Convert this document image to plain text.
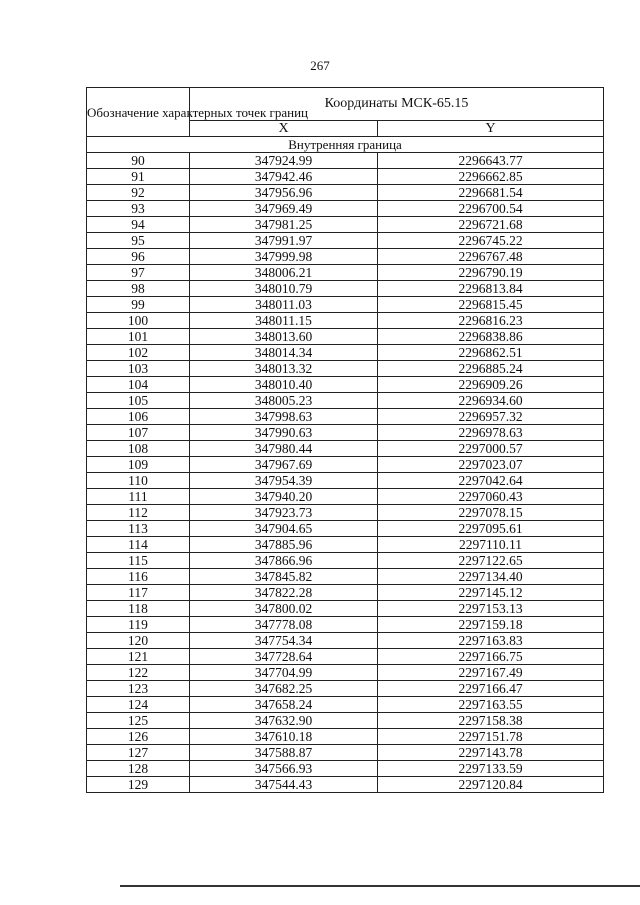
267
Обозначение характерных точек границ	Координаты МСК-65.15	
	X	Y
Внутренняя граница		
90	347924.99	2296643.77
91	347942.46	2296662.85
92	347956.96	2296681.54
93	347969.49	2296700.54
94	347981.25	2296721.68
95	347991.97	2296745.22
96	347999.98	2296767.48
97	348006.21	2296790.19
98	348010.79	2296813.84
99	348011.03	2296815.45
100	348011.15	2296816.23
101	348013.60	2296838.86
102	348014.34	2296862.51
103	348013.32	2296885.24
104	348010.40	2296909.26
105	348005.23	2296934.60
106	347998.63	2296957.32
107	347990.63	2296978.63
108	347980.44	2297000.57
109	347967.69	2297023.07
110	347954.39	2297042.64
111	347940.20	2297060.43
112	347923.73	2297078.15
113	347904.65	2297095.61
114	347885.96	2297110.11
115	347866.96	2297122.65
116	347845.82	2297134.40
117	347822.28	2297145.12
118	347800.02	2297153.13
119	347778.08	2297159.18
120	347754.34	2297163.83
121	347728.64	2297166.75
122	347704.99	2297167.49
123	347682.25	2297166.47
124	347658.24	2297163.55
125	347632.90	2297158.38
126	347610.18	2297151.78
127	347588.87	2297143.78
128	347566.93	2297133.59
129	347544.43	2297120.84
